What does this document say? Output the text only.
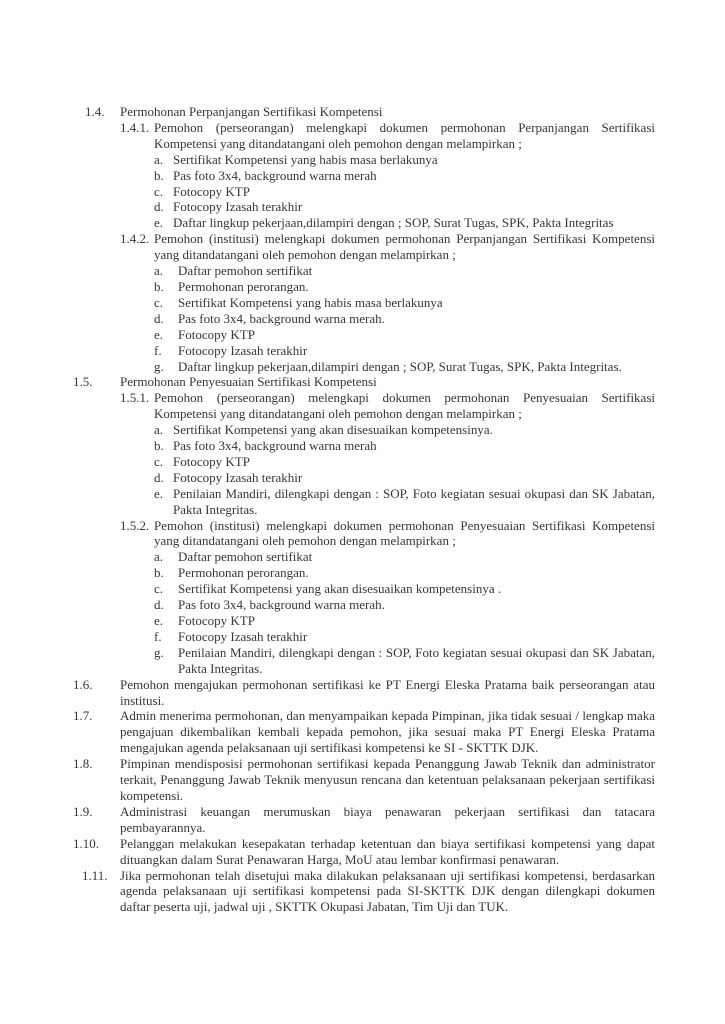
1.4.	Permohonan Perpanjangan Sertifikasi Kompetensi
1.4.1. Pemohon (perseorangan) melengkapi dokumen permohonan Perpanjangan Sertifikasi Kompetensi yang ditandatangani oleh pemohon dengan melampirkan ;
a. Sertifikat Kompetensi yang habis masa berlakunya
b. Pas foto 3x4, background warna merah
c. Fotocopy KTP
d. Fotocopy Izasah terakhir
e. Daftar lingkup pekerjaan,dilampiri dengan ; SOP, Surat Tugas, SPK, Pakta Integritas
1.4.2. Pemohon (institusi) melengkapi dokumen permohonan Perpanjangan Sertifikasi Kompetensi yang ditandatangani oleh pemohon dengan melampirkan ;
a.	Daftar pemohon sertifikat
b.	Permohonan perorangan.
c.	Sertifikat Kompetensi yang habis masa berlakunya
d.	Pas foto 3x4, background warna merah.
e.	Fotocopy KTP
f.	Fotocopy Izasah terakhir
g.	Daftar lingkup pekerjaan,dilampiri dengan ; SOP, Surat Tugas, SPK, Pakta Integritas.
1.5.	Permohonan Penyesuaian Sertifikasi Kompetensi
1.5.1. Pemohon (perseorangan) melengkapi dokumen permohonan Penyesuaian Sertifikasi Kompetensi yang ditandatangani oleh pemohon dengan melampirkan ;
a. Sertifikat Kompetensi yang akan disesuaikan kompetensinya.
b. Pas foto 3x4, background warna merah
c. Fotocopy KTP
d. Fotocopy Izasah terakhir
e. Penilaian Mandiri, dilengkapi dengan : SOP, Foto kegiatan sesuai okupasi dan SK Jabatan, Pakta Integritas.
1.5.2. Pemohon (institusi) melengkapi dokumen permohonan Penyesuaian Sertifikasi Kompetensi yang ditandatangani oleh pemohon dengan melampirkan ;
a.	Daftar pemohon sertifikat
b.	Permohonan perorangan.
c.	Sertifikat Kompetensi yang akan disesuaikan kompetensinya .
d.	Pas foto 3x4, background warna merah.
e.	Fotocopy KTP
f.	Fotocopy Izasah terakhir
g.	Penilaian Mandiri, dilengkapi dengan : SOP, Foto kegiatan sesuai okupasi dan SK Jabatan, Pakta Integritas.
1.6.	Pemohon mengajukan permohonan sertifikasi ke PT Energi Eleska Pratama baik perseorangan atau institusi.
1.7.	Admin menerima permohonan, dan menyampaikan kepada Pimpinan, jika tidak sesuai / lengkap maka pengajuan dikembalikan kembali kepada pemohon, jika sesuai maka PT Energi Eleska Pratama mengajukan agenda pelaksanaan uji sertifikasi kompetensi ke SI - SKTTK DJK.
1.8.	Pimpinan mendisposisi permohonan sertifikasi kepada Penanggung Jawab Teknik dan administrator terkait, Penanggung Jawab Teknik menyusun rencana dan ketentuan pelaksanaan pekerjaan sertifikasi kompetensi.
1.9.	Administrasi keuangan merumuskan biaya penawaran pekerjaan sertifikasi dan tatacara pembayarannya.
1.10.	Pelanggan melakukan kesepakatan terhadap ketentuan dan biaya sertifikasi kompetensi yang dapat dituangkan dalam Surat Penawaran Harga, MoU atau lembar konfirmasi penawaran.
1.11. Jika permohonan telah disetujui maka dilakukan pelaksanaan uji sertifikasi kompetensi, berdasarkan agenda pelaksanaan uji sertifikasi kompetensi pada SI-SKTTK DJK dengan dilengkapi dokumen daftar peserta uji, jadwal uji , SKTTK Okupasi Jabatan, Tim Uji dan TUK.
